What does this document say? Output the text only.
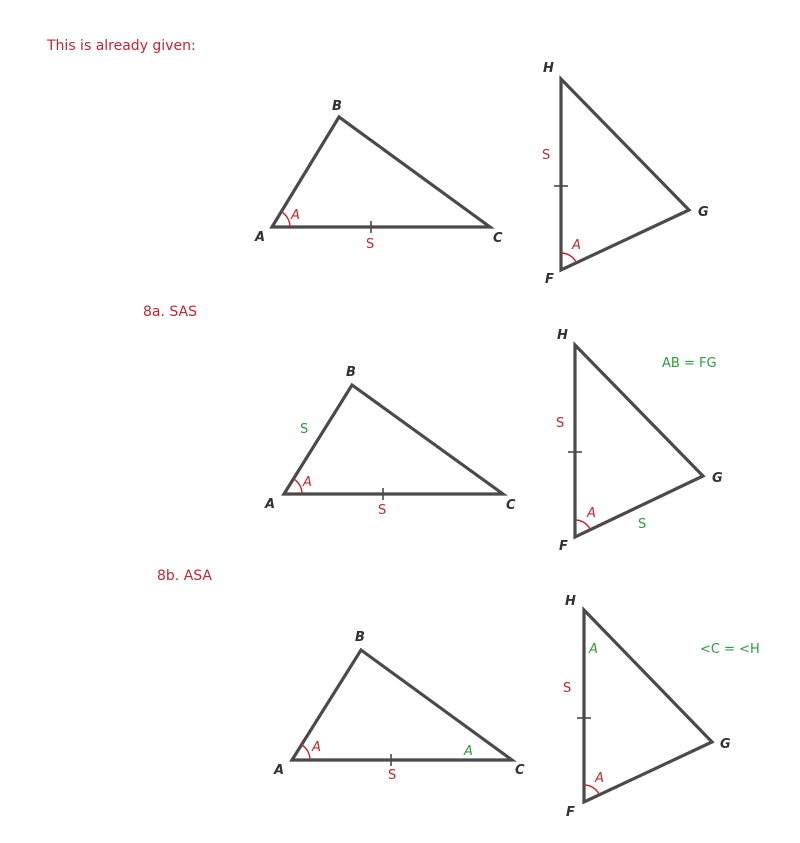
This is already given:
A
B
C
H
G
F
A
S
S
A
8a. SAS
A
B
C
H
G
F
A
S
S
A
S
S
AB = FG
8b. ASA
A
B
C
H
G
F
A
S
S
A
A
A	<C = <H
